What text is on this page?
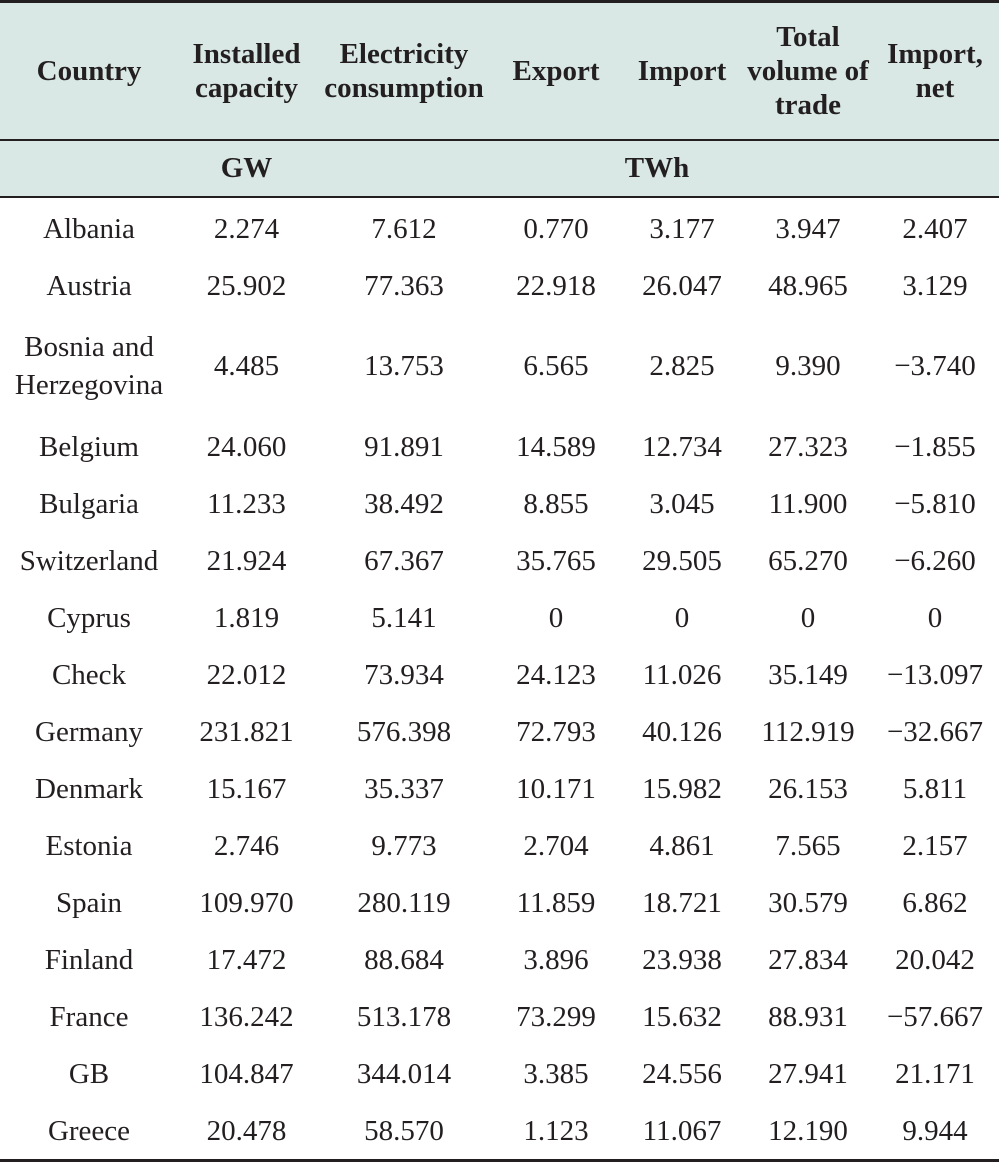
Country	Installed capacity	Electricity consumption	Export	Import	Total volume of trade	Import, net
	GW	TWh				
Albania	2.274	7.612	0.770	3.177	3.947	2.407
Austria	25.902	77.363	22.918	26.047	48.965	3.129
Bosnia and Herzegovina	4.485	13.753	6.565	2.825	9.390	−3.740
Belgium	24.060	91.891	14.589	12.734	27.323	−1.855
Bulgaria	11.233	38.492	8.855	3.045	11.900	−5.810
Switzerland	21.924	67.367	35.765	29.505	65.270	−6.260
Cyprus	1.819	5.141	0	0	0	0
Check	22.012	73.934	24.123	11.026	35.149	−13.097
Germany	231.821	576.398	72.793	40.126	112.919	−32.667
Denmark	15.167	35.337	10.171	15.982	26.153	5.811
Estonia	2.746	9.773	2.704	4.861	7.565	2.157
Spain	109.970	280.119	11.859	18.721	30.579	6.862
Finland	17.472	88.684	3.896	23.938	27.834	20.042
France	136.242	513.178	73.299	15.632	88.931	−57.667
GB	104.847	344.014	3.385	24.556	27.941	21.171
Greece	20.478	58.570	1.123	11.067	12.190	9.944
